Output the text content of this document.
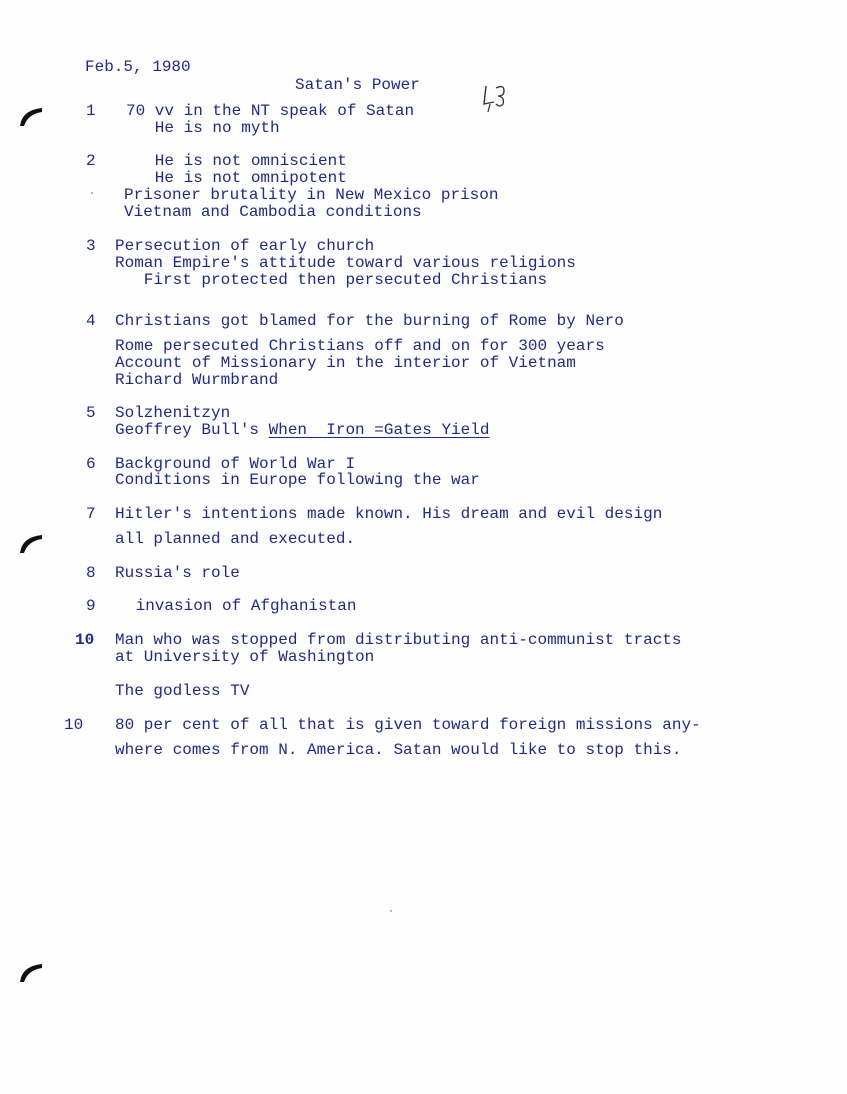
Feb.5, 1980

Satan's Power

1 70 vv in the NT speak of Satan
He is no myth
2 He is not omniscient
He is not omnipotent
Prisoner brutality in New Mexico prison
Vietnam and Cambodia conditions
3 Persecution of early church
Roman Empire's attitude toward various religions
First protected then persecuted Christians
4 Christians got blamed for the burning of Rome by Nero
Rome persecuted Christians off and on for 300 years
Account of Missionary in the interior of Vietnam
Richard Wurmbrand
5 Solzhenitzyn
Geoffrey Bull's When  Iron =Gates Yield
6 Background of World War I
Conditions in Europe following the war
7 Hitler's intentions made known. His dream and evil design
all planned and executed.
8 Russia's role
9 invasion of Afghanistan
10 Man who was stopped from distributing anti-communist tracts
at University of Washington
The godless TV
10 80 per cent of all that is given toward foreign missions any-
where comes from N. America. Satan would like to stop this.
